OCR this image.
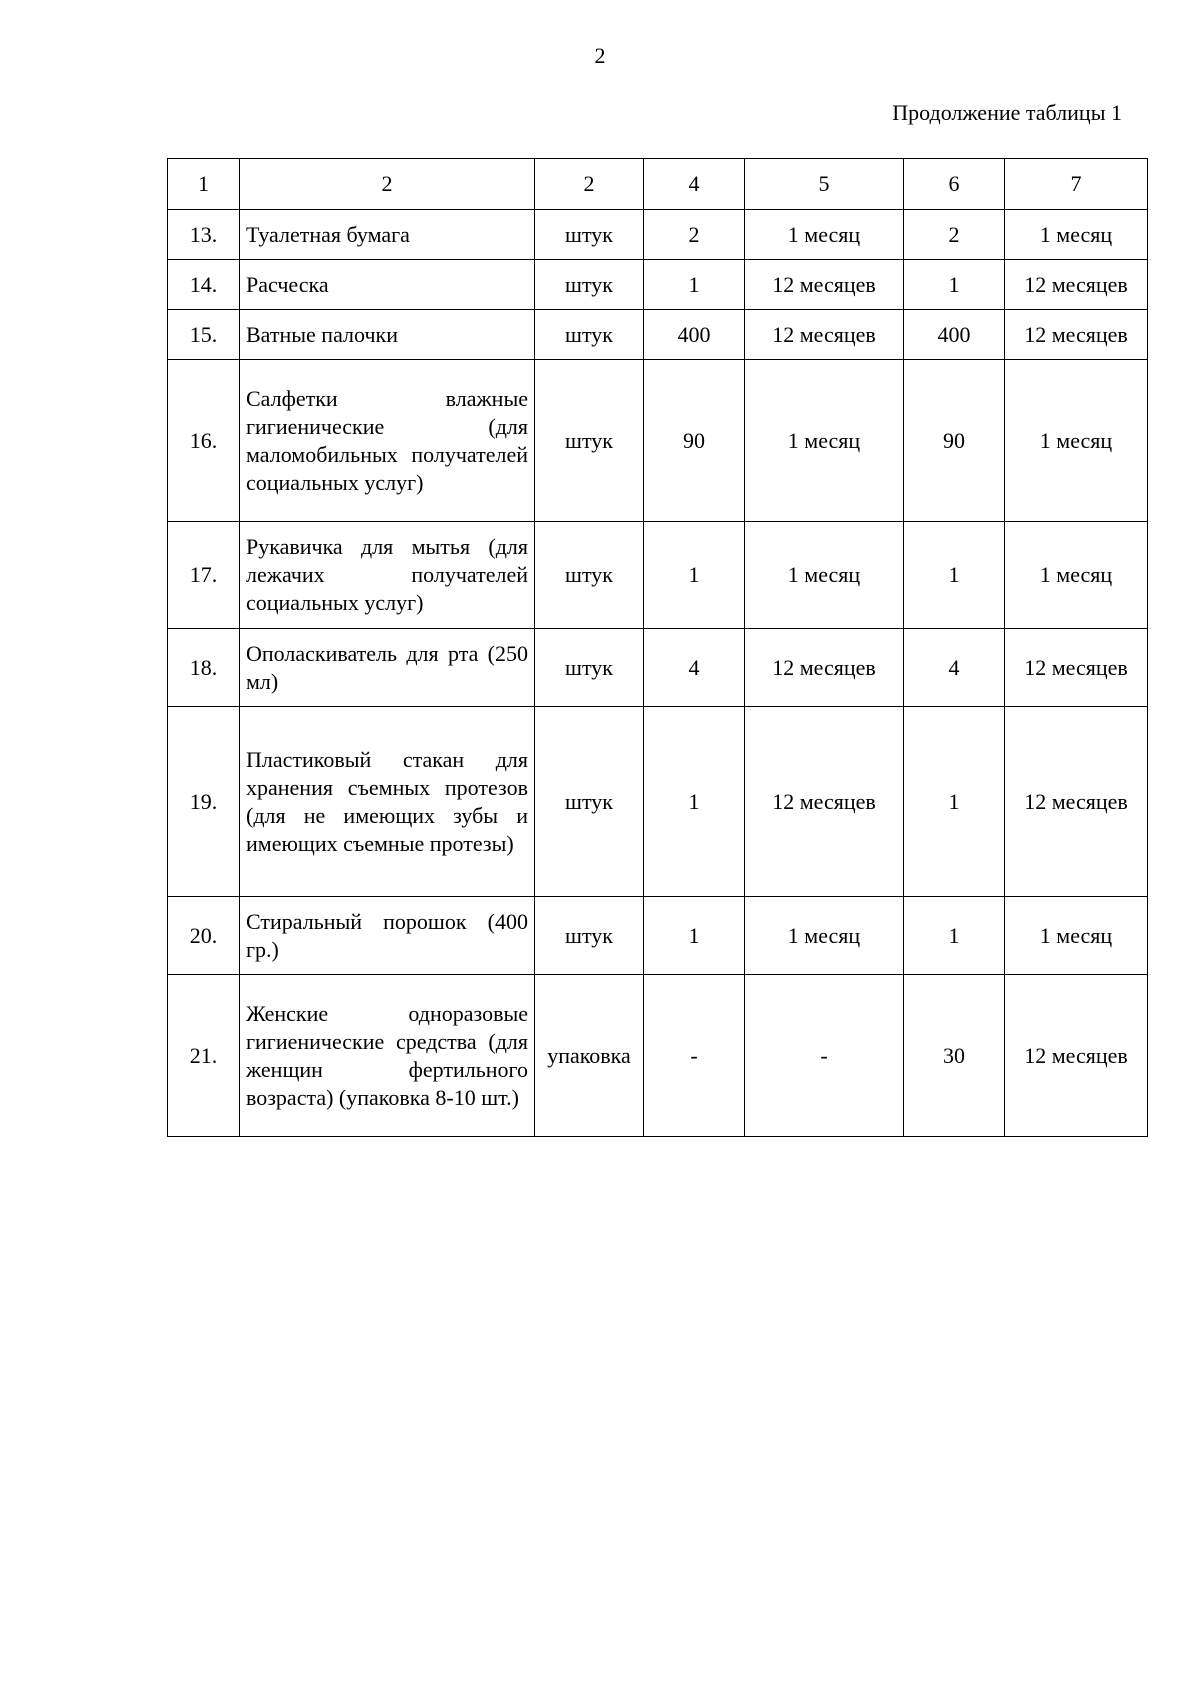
2
Продолжение таблицы 1
1	2	2	4	5	6	7
13.	Туалетная бумага	штук	2	1 месяц	2	1 месяц
14.	Расческа	штук	1	12 месяцев	1	12 месяцев
15.	Ватные палочки	штук	400	12 месяцев	400	12 месяцев
16.	Салфетки влажные гигиенические (для маломобильных получателей социальных услуг)	штук	90	1 месяц	90	1 месяц
17.	Рукавичка для мытья (для лежачих получателей социальных услуг)	штук	1	1 месяц	1	1 месяц
18.	Ополаскиватель для рта (250 мл)	штук	4	12 месяцев	4	12 месяцев
19.	Пластиковый стакан для хранения съемных протезов (для не имеющих зубы и имеющих съемные протезы)	штук	1	12 месяцев	1	12 месяцев
20.	Стиральный порошок (400 гр.)	штук	1	1 месяц	1	1 месяц
21.	Женские одноразовые гигиенические средства (для женщин фертильного возраста) (упаковка 8-10 шт.)	упаковка	-	-	30	12 месяцев
